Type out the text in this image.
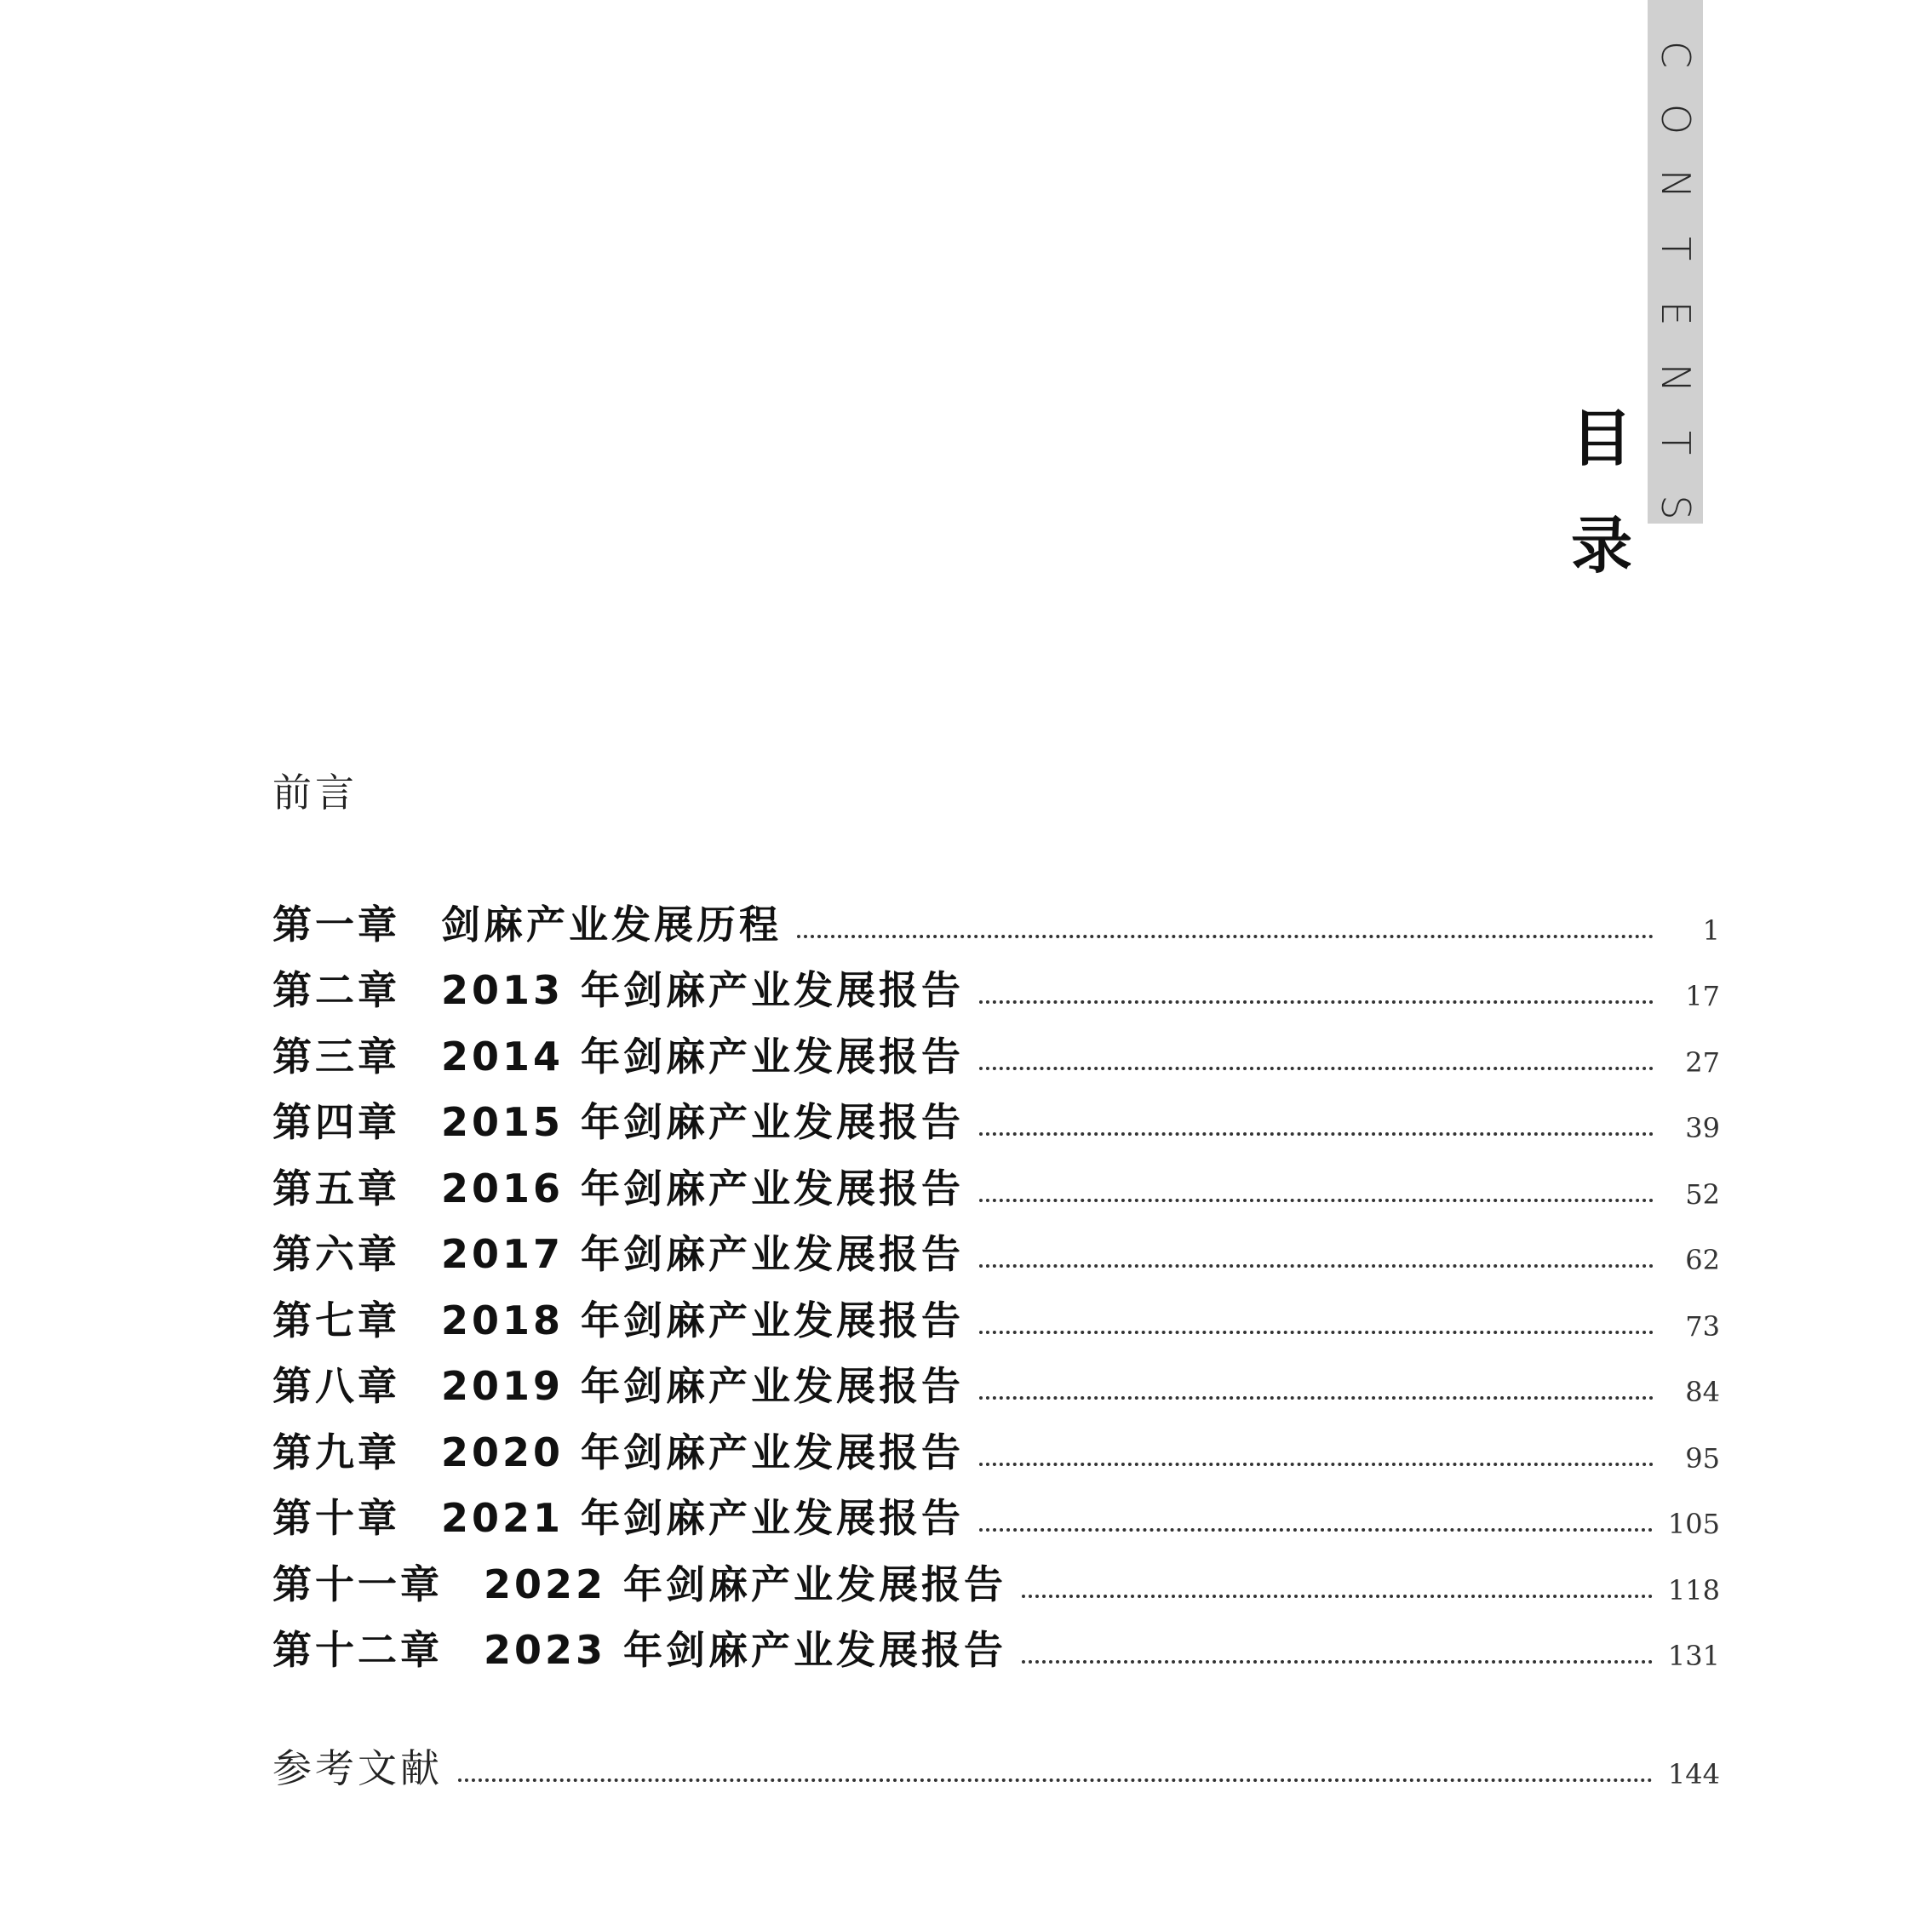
C
O
N
T
E
N
T
S
目
录
前言
第一章 剑麻产业发展历程	1
第二章 2013 年剑麻产业发展报告	17
第三章 2014 年剑麻产业发展报告	27
第四章 2015 年剑麻产业发展报告	39
第五章 2016 年剑麻产业发展报告	52
第六章 2017 年剑麻产业发展报告	62
第七章 2018 年剑麻产业发展报告	73
第八章 2019 年剑麻产业发展报告	84
第九章 2020 年剑麻产业发展报告	95
第十章 2021 年剑麻产业发展报告	105
第十一章 2022 年剑麻产业发展报告	118
第十二章 2023 年剑麻产业发展报告	131
参考文献	144
